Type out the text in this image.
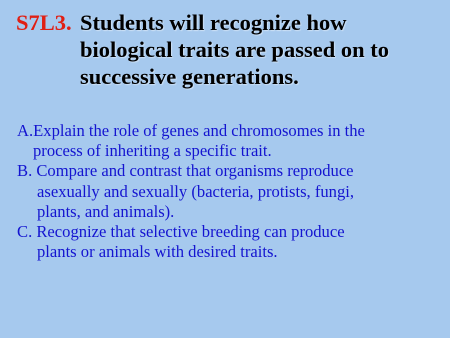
S7L3. Students will recognize how
biological traits are passed on to
successive generations.
A.Explain the role of genes and chromosomes in the
process of inheriting a specific trait.
B. Compare and contrast that organisms reproduce
asexually and sexually (bacteria, protists, fungi,
plants, and animals).
C. Recognize that selective breeding can produce
plants or animals with desired traits.
